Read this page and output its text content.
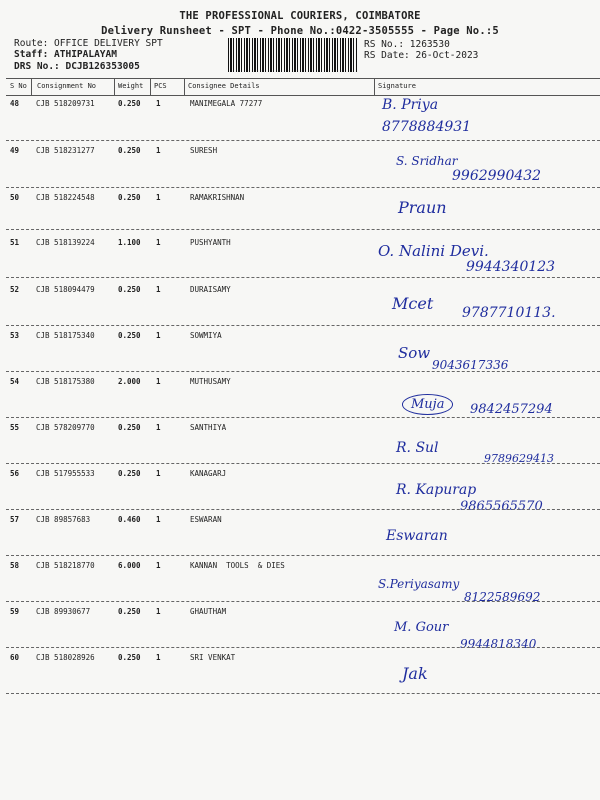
THE PROFESSIONAL COURIERS, COIMBATORE
Delivery Runsheet - SPT - Phone No.:0422-3505555 - Page No.:5
Route: OFFICE DELIVERY SPT
Staff: ATHIPALAYAM
DRS No.: DCJB126353005
RS No.: 1263530
RS Date: 26-Oct-2023
S No Consignment No	Weight PCS	Consignee Details	Signature
48 CJB 518209731	0.250 1	MANIMEGALA 77277	B. Priya
8778884931
49 CJB 518231277	0.250 1	SURESH
S. Sridhar
9962990432
50 CJB 518224548	0.250 1	RAMAKRISHNAN
Praun
51 CJB 518139224	1.100 1	PUSHYANTH	O. Nalini Devi.
9944340123
52 CJB 518094479	0.250 1	DURAISAMY
Mcet 9787710113.
53 CJB 518175340	0.250 1	SOWMIYA
Sow
9043617336
54 CJB 518175380	2.000 1	MUTHUSAMY
Muja	9842457294
55 CJB 578209770	0.250 1	SANTHIYA
R. Sul
9789629413
56 CJB 517955533	0.250 1	KANAGARJ
R. Kapurap
9865565570
57 CJB 89857683	0.460 1	ESWARAN
Eswaran
58 CJB 518218770	6.000 1	KANNAN  TOOLS  & DIES
S.Periyasamy
8122589692
59 CJB 89930677	0.250 1	GHAUTHAM
M. Gour
9944818340
60 CJB 518028926	0.250 1	SRI VENKAT
Jak
